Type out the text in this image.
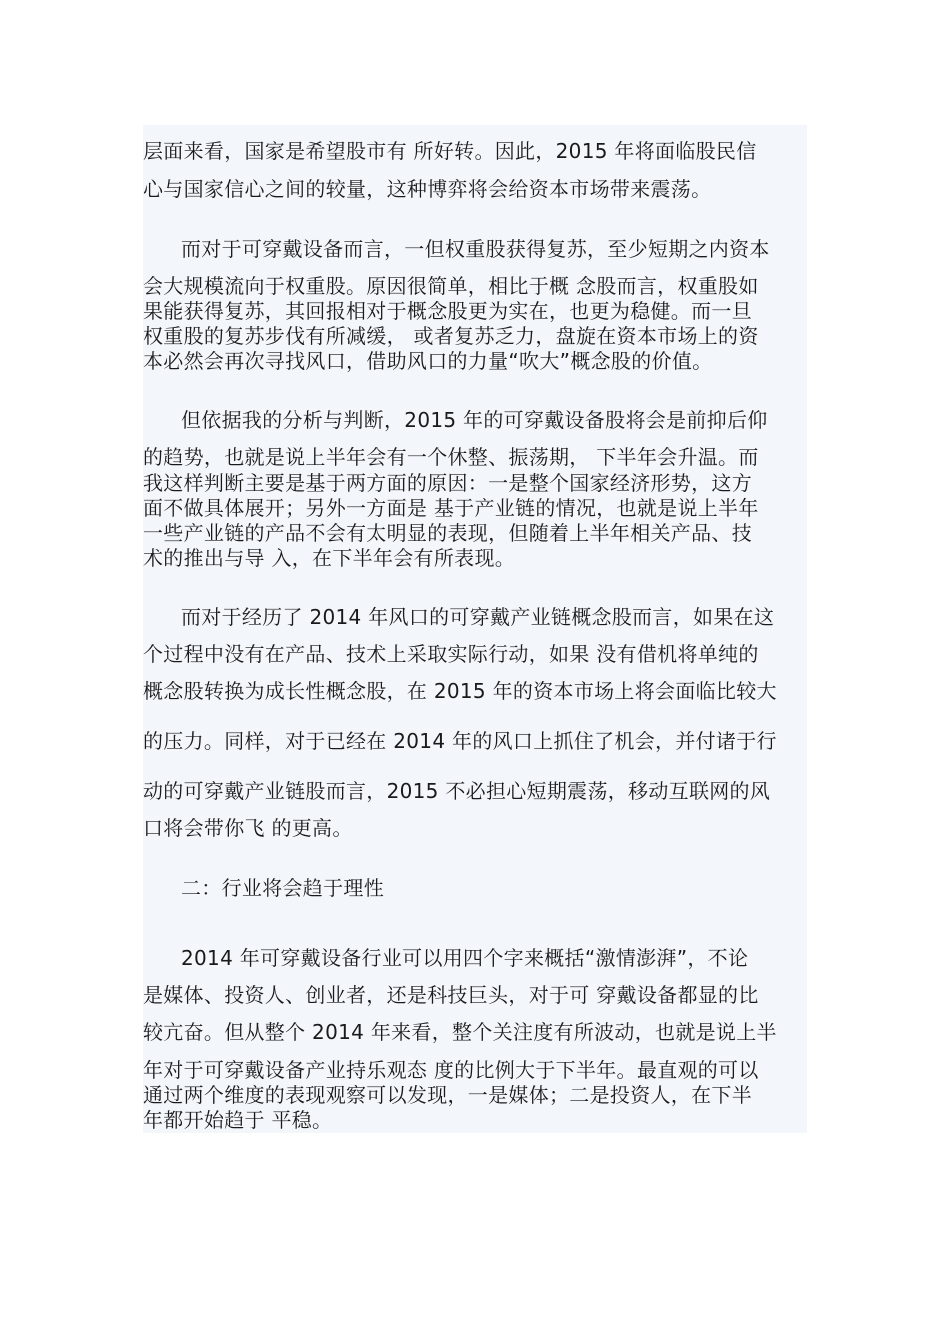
层面来看，国家是希望股市有 所好转。因此，2015 年将面临股民信

心与国家信心之间的较量，这种博弈将会给资本市场带来震荡。

而对于可穿戴设备而言，一但权重股获得复苏，至少短期之内资本

会大规模流向于权重股。原因很简单，相比于概 念股而言，权重股如

果能获得复苏，其回报相对于概念股更为实在，也更为稳健。而一旦

权重股的复苏步伐有所减缓， 或者复苏乏力，盘旋在资本市场上的资

本必然会再次寻找风口，借助风口的力量“吹大”概念股的价值。

但依据我的分析与判断，2015 年的可穿戴设备股将会是前抑后仰

的趋势，也就是说上半年会有一个休整、振荡期， 下半年会升温。而

我这样判断主要是基于两方面的原因：一是整个国家经济形势，这方

面不做具体展开；另外一方面是 基于产业链的情况，也就是说上半年

一些产业链的产品不会有太明显的表现，但随着上半年相关产品、技

术的推出与导 入，在下半年会有所表现。

而对于经历了 2014 年风口的可穿戴产业链概念股而言，如果在这

个过程中没有在产品、技术上采取实际行动，如果 没有借机将单纯的

概念股转换为成长性概念股，在 2015 年的资本市场上将会面临比较大

的压力。同样，对于已经在 2014 年的风口上抓住了机会，并付诸于行

动的可穿戴产业链股而言，2015 不必担心短期震荡，移动互联网的风

口将会带你飞 的更高。

二：行业将会趋于理性

2014 年可穿戴设备行业可以用四个字来概括“激情澎湃”，不论

是媒体、投资人、创业者，还是科技巨头，对于可 穿戴设备都显的比

较亢奋。但从整个 2014 年来看，整个关注度有所波动，也就是说上半

年对于可穿戴设备产业持乐观态 度的比例大于下半年。最直观的可以

通过两个维度的表现观察可以发现，一是媒体；二是投资人，在下半

年都开始趋于 平稳。
